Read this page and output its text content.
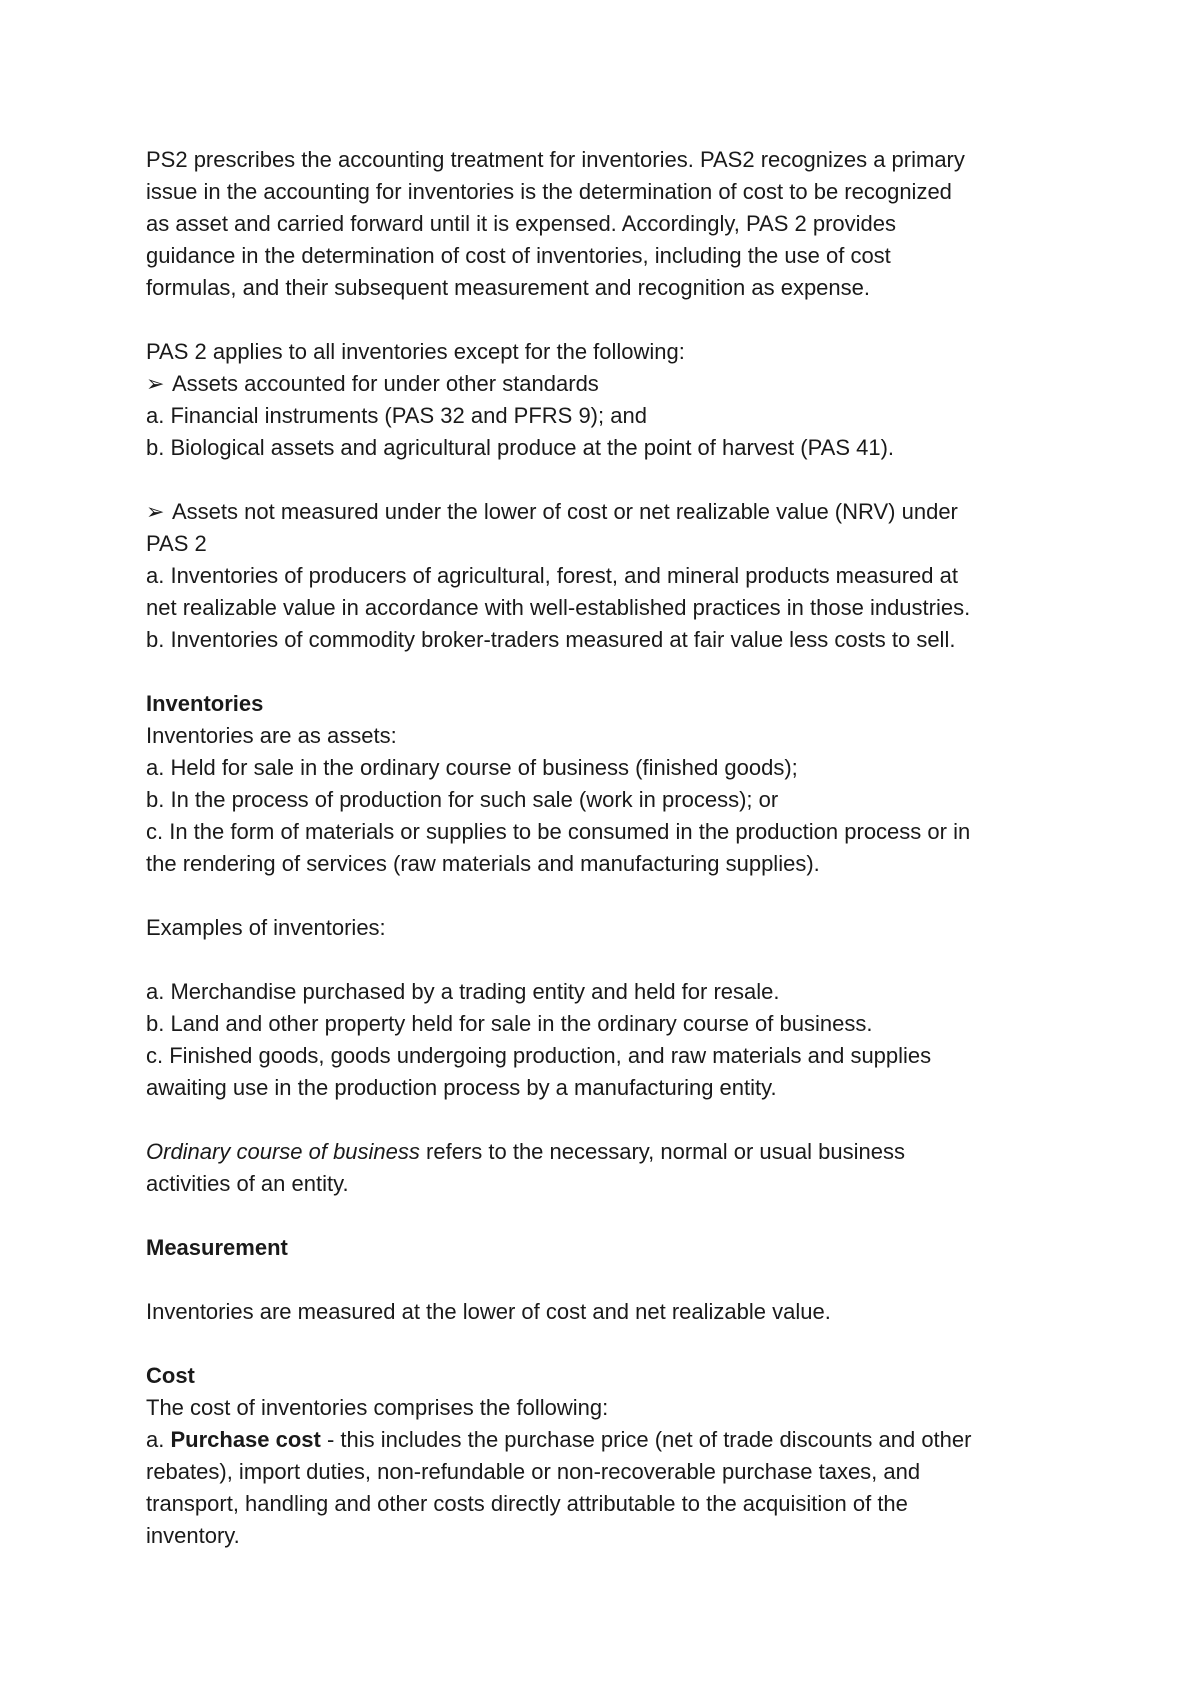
PS2 prescribes the accounting treatment for inventories. PAS2 recognizes a primary

issue in the accounting for inventories is the determination of cost to be recognized

as asset and carried forward until it is expensed. Accordingly, PAS 2 provides

guidance in the determination of cost of inventories, including the use of cost

formulas, and their subsequent measurement and recognition as expense.

PAS 2 applies to all inventories except for the following:

➢ Assets accounted for under other standards

a. Financial instruments (PAS 32 and PFRS 9); and

b. Biological assets and agricultural produce at the point of harvest (PAS 41).

➢ Assets not measured under the lower of cost or net realizable value (NRV) under

PAS 2

a. Inventories of producers of agricultural, forest, and mineral products measured at

net realizable value in accordance with well-established practices in those industries.

b. Inventories of commodity broker-traders measured at fair value less costs to sell.

Inventories

Inventories are as assets:

a. Held for sale in the ordinary course of business (finished goods);

b. In the process of production for such sale (work in process); or

c. In the form of materials or supplies to be consumed in the production process or in

the rendering of services (raw materials and manufacturing supplies).

Examples of inventories:

a. Merchandise purchased by a trading entity and held for resale.

b. Land and other property held for sale in the ordinary course of business.

c. Finished goods, goods undergoing production, and raw materials and supplies

awaiting use in the production process by a manufacturing entity.

Ordinary course of business refers to the necessary, normal or usual business

activities of an entity.

Measurement

Inventories are measured at the lower of cost and net realizable value.

Cost

The cost of inventories comprises the following:

a. Purchase cost - this includes the purchase price (net of trade discounts and other

rebates), import duties, non-refundable or non-recoverable purchase taxes, and

transport, handling and other costs directly attributable to the acquisition of the

inventory.
